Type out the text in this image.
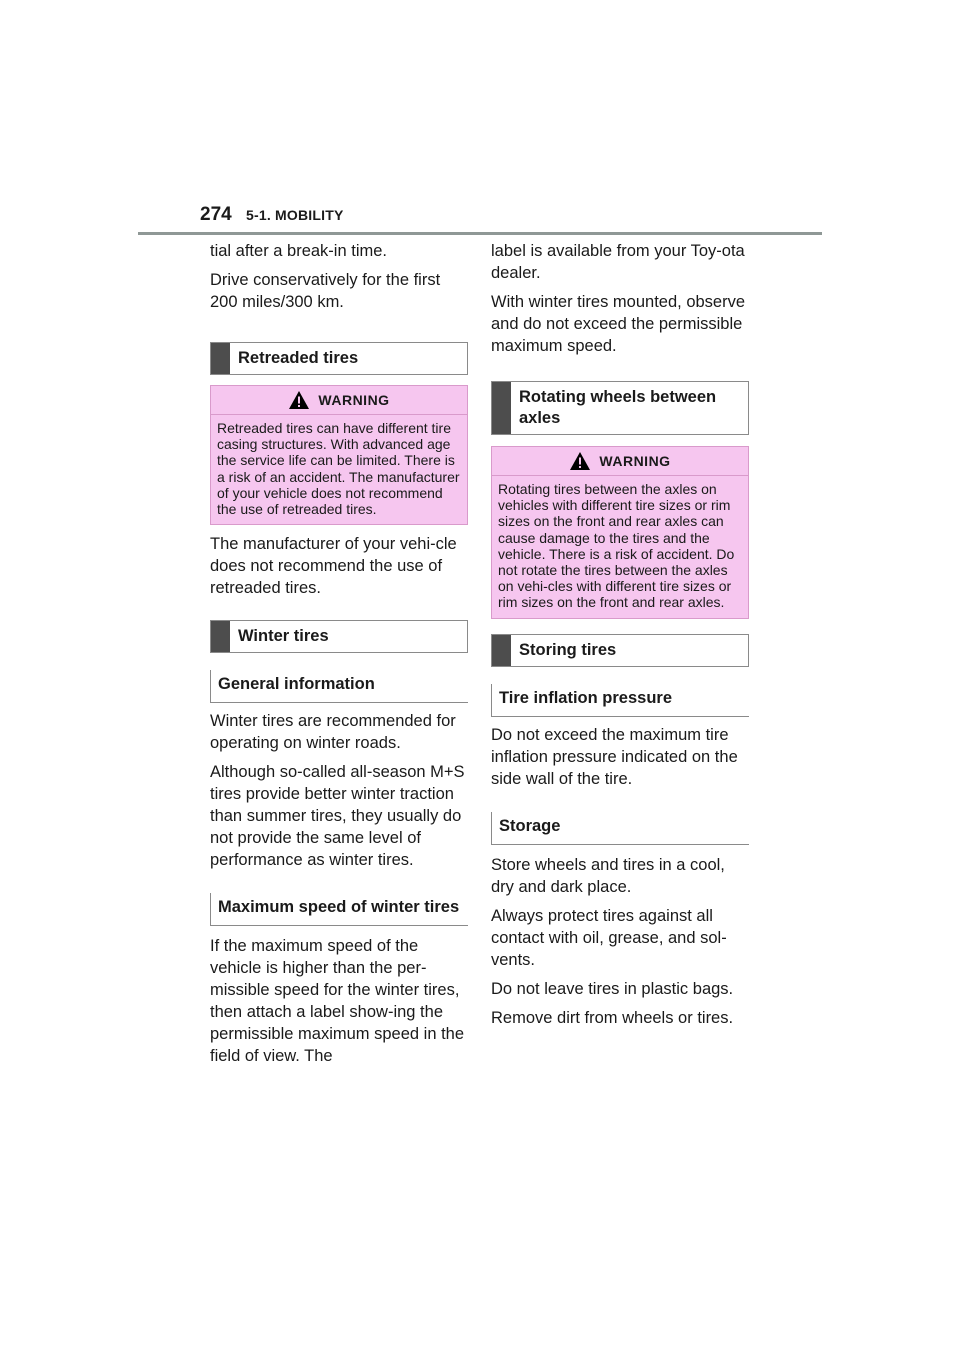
274	5-1. MOBILITY

tial after a break-in time.

Drive conservatively for the first 200 miles/300 km.

Retreaded tires
WARNING
Retreaded tires can have different tire casing structures. With advanced age the service life can be limited. There is a risk of an accident. The manufacturer of your vehicle does not recommend the use of retreaded tires.

The manufacturer of your vehi-cle does not recommend the use of retreaded tires.

Winter tires
General information

Winter tires are recommended for operating on winter roads.

Although so-called all-season M+S tires provide better winter traction than summer tires, they usually do not provide the same level of performance as winter tires.

Maximum speed of winter tires

If the maximum speed of the vehicle is higher than the per-missible speed for the winter tires, then attach a label show-ing the permissible maximum speed in the field of view. The

label is available from your Toy-ota dealer.

With winter tires mounted, observe and do not exceed the permissible maximum speed.

Rotating wheels between axles
WARNING
Rotating tires between the axles on vehicles with different tire sizes or rim sizes on the front and rear axles can cause damage to the tires and the vehicle. There is a risk of accident. Do not rotate the tires between the axles on vehi-cles with different tire sizes or rim sizes on the front and rear axles.
Storing tires
Tire inflation pressure

Do not exceed the maximum tire inflation pressure indicated on the side wall of the tire.

Storage

Store wheels and tires in a cool, dry and dark place.

Always protect tires against all contact with oil, grease, and sol-vents.

Do not leave tires in plastic bags.

Remove dirt from wheels or tires.
